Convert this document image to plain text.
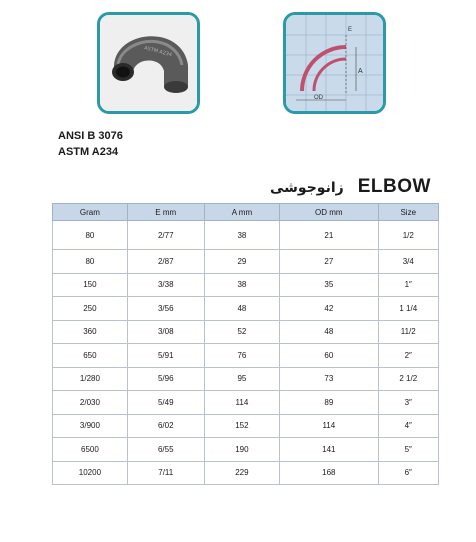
ASTM A234
OD
A
E
ANSI B 3076
ASTM A234
زانوجوشی ELBOW
Gram	E mm	A mm	OD mm	Size
80	2/77	38	21	1/2
80	2/87	29	27	3/4
150	3/38	38	35	1″
250	3/56	48	42	1 1/4
360	3/08	52	48	11/2
650	5/91	76	60	2″
1/280	5/96	95	73	2 1/2
2/030	5/49	114	89	3″
3/900	6/02	152	114	4″
6500	6/55	190	141	5″
10200	7/11	229	168	6″
